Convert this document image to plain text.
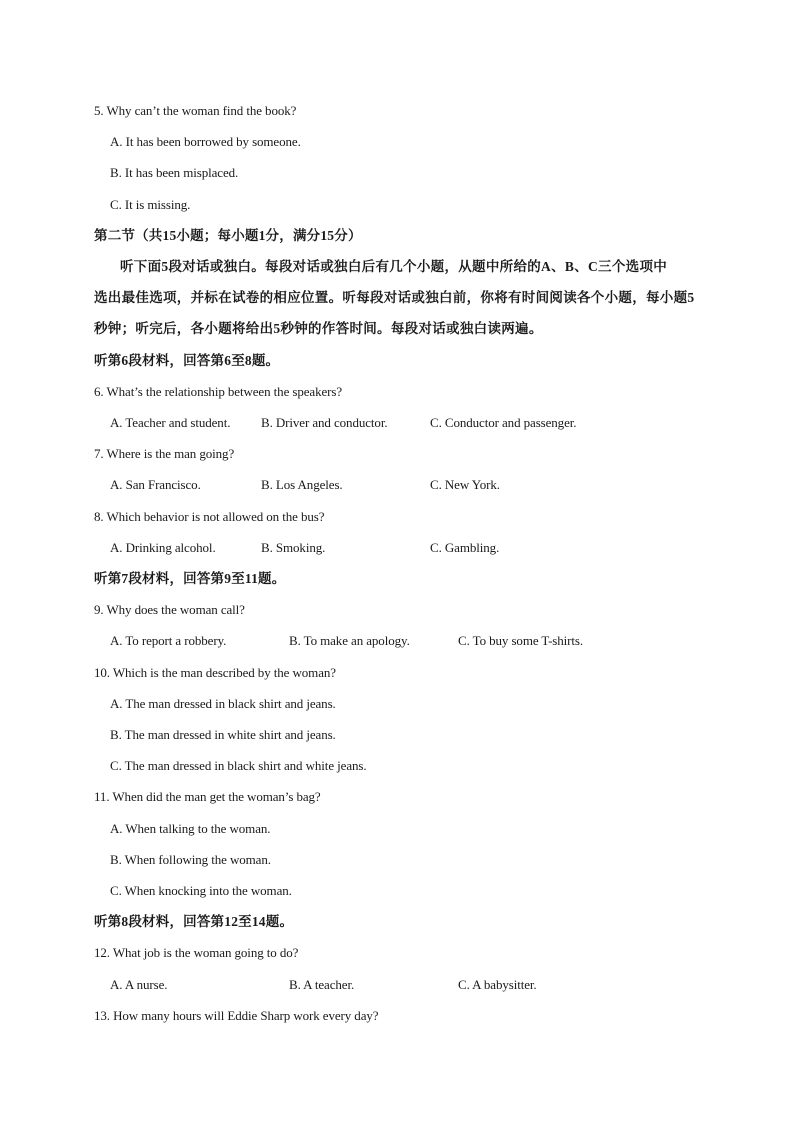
5. Why can’t the woman find the book?
A. It has been borrowed by someone.
B. It has been misplaced.
C. It is missing.
第二节（共15小题；每小题1分，满分15分）
听下面5段对话或独白。每段对话或独白后有几个小题，从题中所给的A、B、C三个选项中
选出最佳选项，并标在试卷的相应位置。听每段对话或独白前，你将有时间阅读各个小题，每小题5
秒钟；听完后，各小题将给出5秒钟的作答时间。每段对话或独白读两遍。
听第6段材料，回答第6至8题。
6. What’s the relationship between the speakers?
A. Teacher and student. B. Driver and conductor.	C. Conductor and passenger.
7. Where is the man going?
A. San Francisco.	B. Los Angeles.	C. New York.
8. Which behavior is not allowed on the bus?
A. Drinking alcohol.	B. Smoking.	C. Gambling.
听第7段材料，回答第9至11题。
9. Why does the woman call?
A. To report a robbery.	B. To make an apology.	C. To buy some T-shirts.
10. Which is the man described by the woman?
A. The man dressed in black shirt and jeans.
B. The man dressed in white shirt and jeans.
C. The man dressed in black shirt and white jeans.
11. When did the man get the woman’s bag?
A. When talking to the woman.
B. When following the woman.
C. When knocking into the woman.
听第8段材料，回答第12至14题。
12. What job is the woman going to do?
A. A nurse.	B. A teacher.	C. A babysitter.
13. How many hours will Eddie Sharp work every day?
